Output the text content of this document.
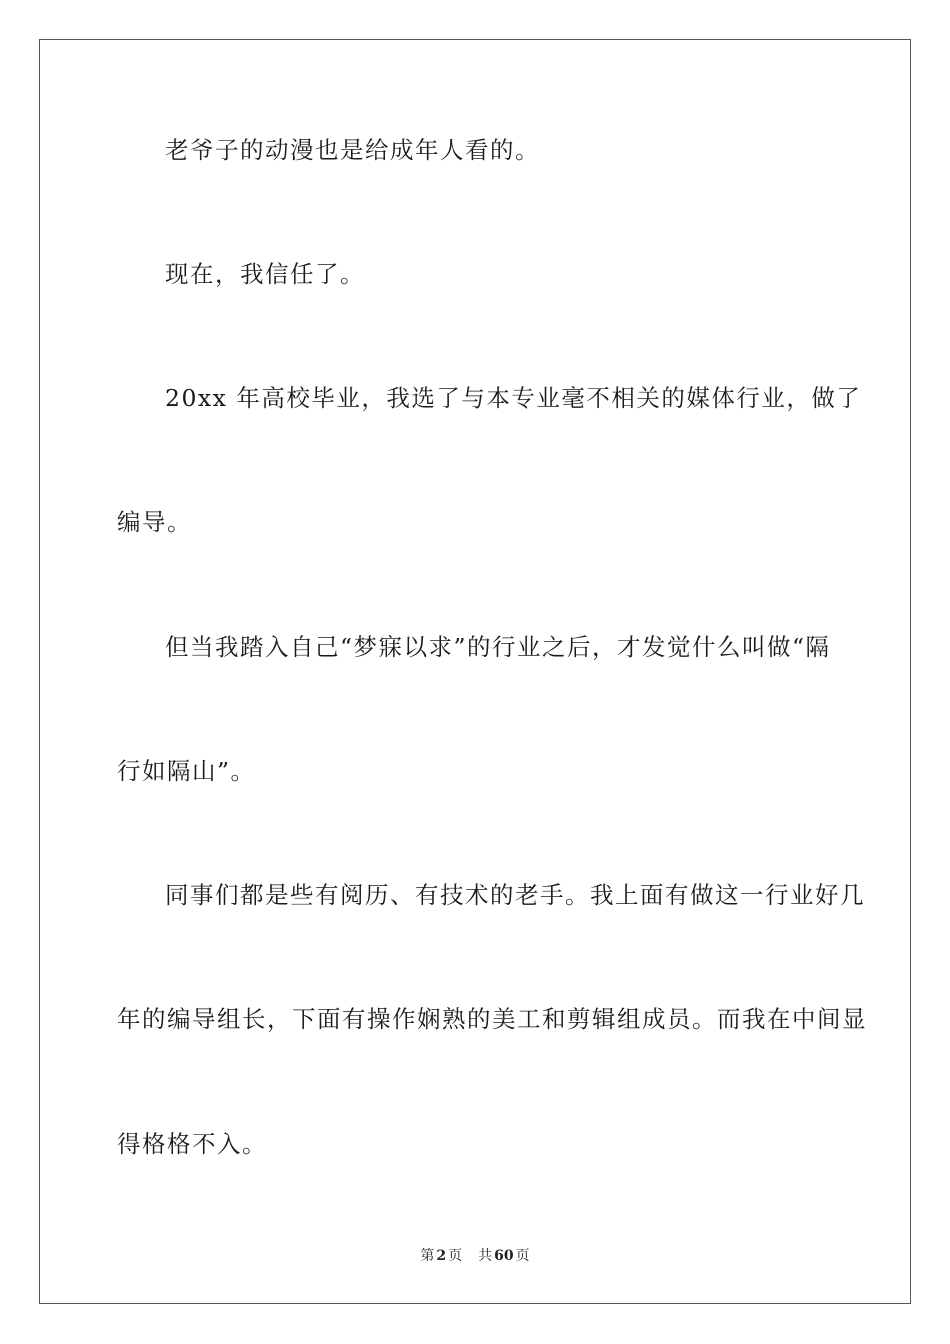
老爷子的动漫也是给成年人看的。
现在，我信任了。
20xx 年高校毕业，我选了与本专业毫不相关的媒体行业，做了
编导。
但当我踏入自己“梦寐以求”的行业之后，才发觉什么叫做“隔
行如隔山”。
同事们都是些有阅历、有技术的老手。我上面有做这一行业好几
年的编导组长，下面有操作娴熟的美工和剪辑组成员。而我在中间显
得格格不入。
第 2 页 共 60 页
